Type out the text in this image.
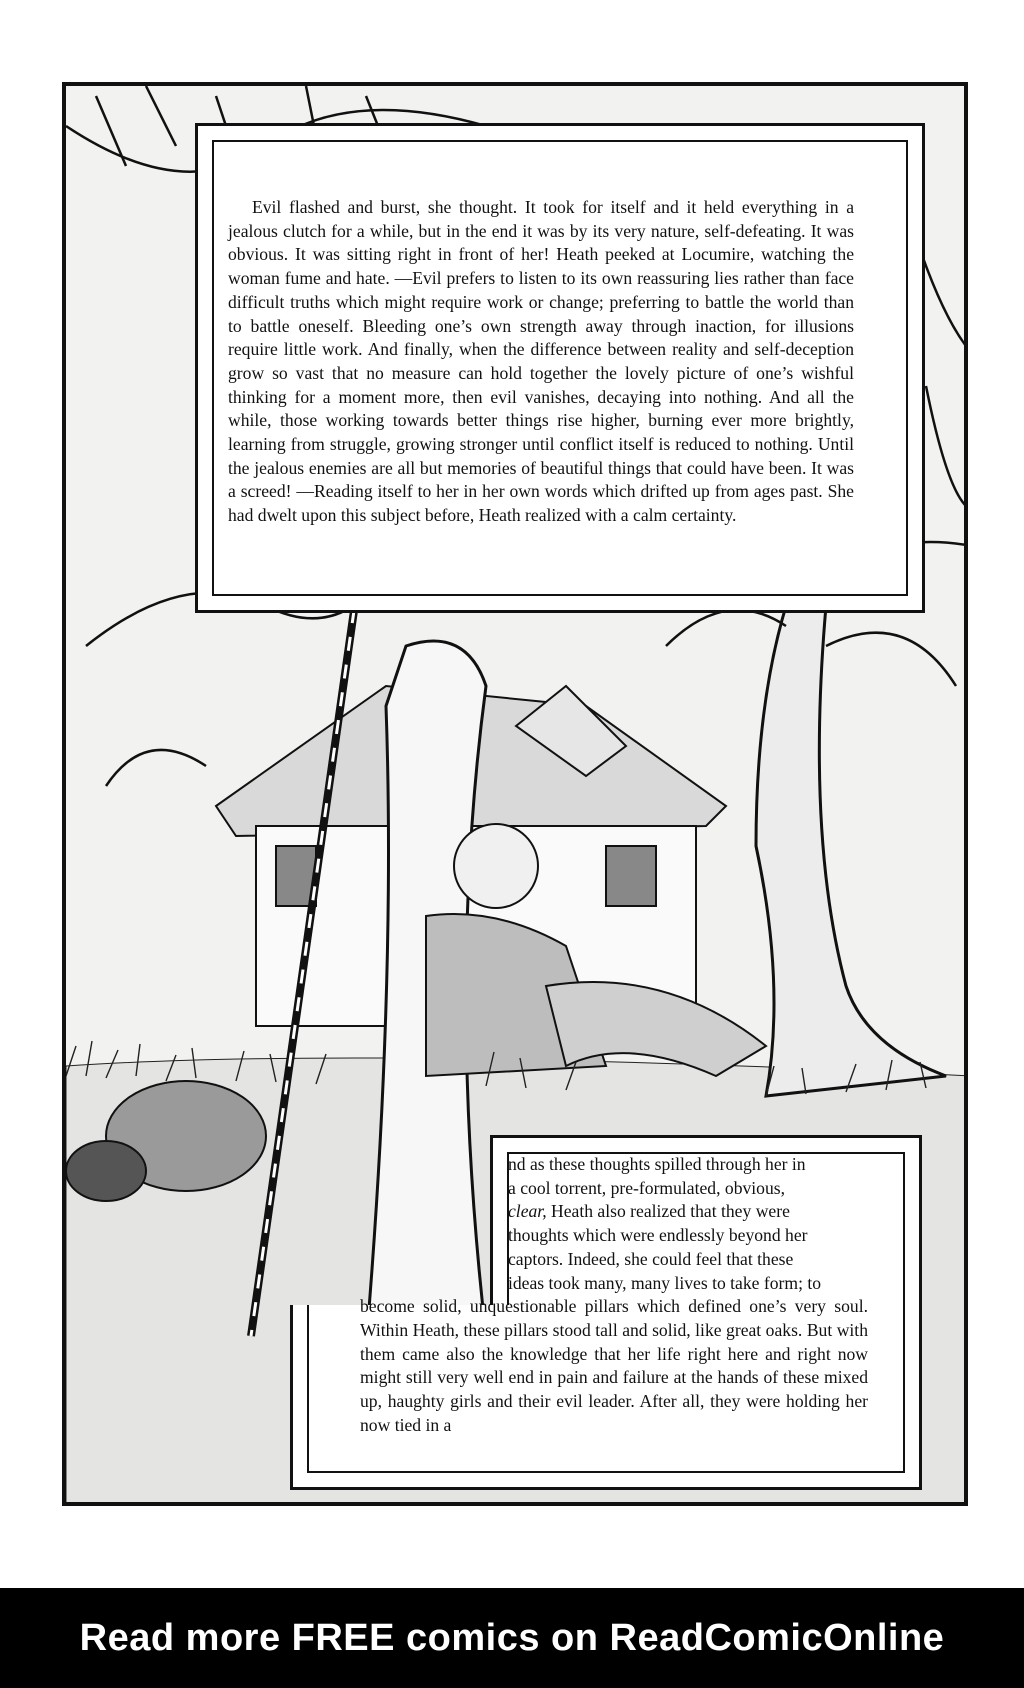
Evil flashed and burst, she thought. It took for itself and it held everything in a jealous clutch for a while, but in the end it was by its very nature, self-defeating. It was obvious. It was sitting right in front of her! Heath peeked at Locumire, watching the woman fume and hate. —Evil prefers to listen to its own reassuring lies rather than face difficult truths which might require work or change; preferring to battle the world than to battle oneself. Bleeding one’s own strength away through inaction, for illusions require little work. And finally, when the difference between reality and self-deception grow so vast that no measure can hold together the lovely picture of one’s wishful thinking for a moment more, then evil vanishes, decaying into nothing. And all the while, those working towards better things rise higher, burning ever more brightly, learning from struggle, growing stronger until conflict itself is reduced to nothing. Until the jealous enemies are all but memories of beautiful things that could have been. It was a screed! —Reading itself to her in her own words which drifted up from ages past. She had dwelt upon this subject before, Heath realized with a calm certainty.
nd as these thoughts spilled through her in
a cool torrent, pre-formulated, obvious,
clear, Heath also realized that they were
thoughts which were endlessly beyond her
captors. Indeed, she could feel that these
ideas took many, many lives to take form; to
become solid, unquestionable pillars which defined one’s very soul. Within Heath, these pillars stood tall and solid, like great oaks. But with them came also the knowledge that her life right here and right now might still very well end in pain and failure at the hands of these mixed up, haughty girls and their evil leader. After all, they were holding her now tied in a
Read more FREE comics on ReadComicOnline
